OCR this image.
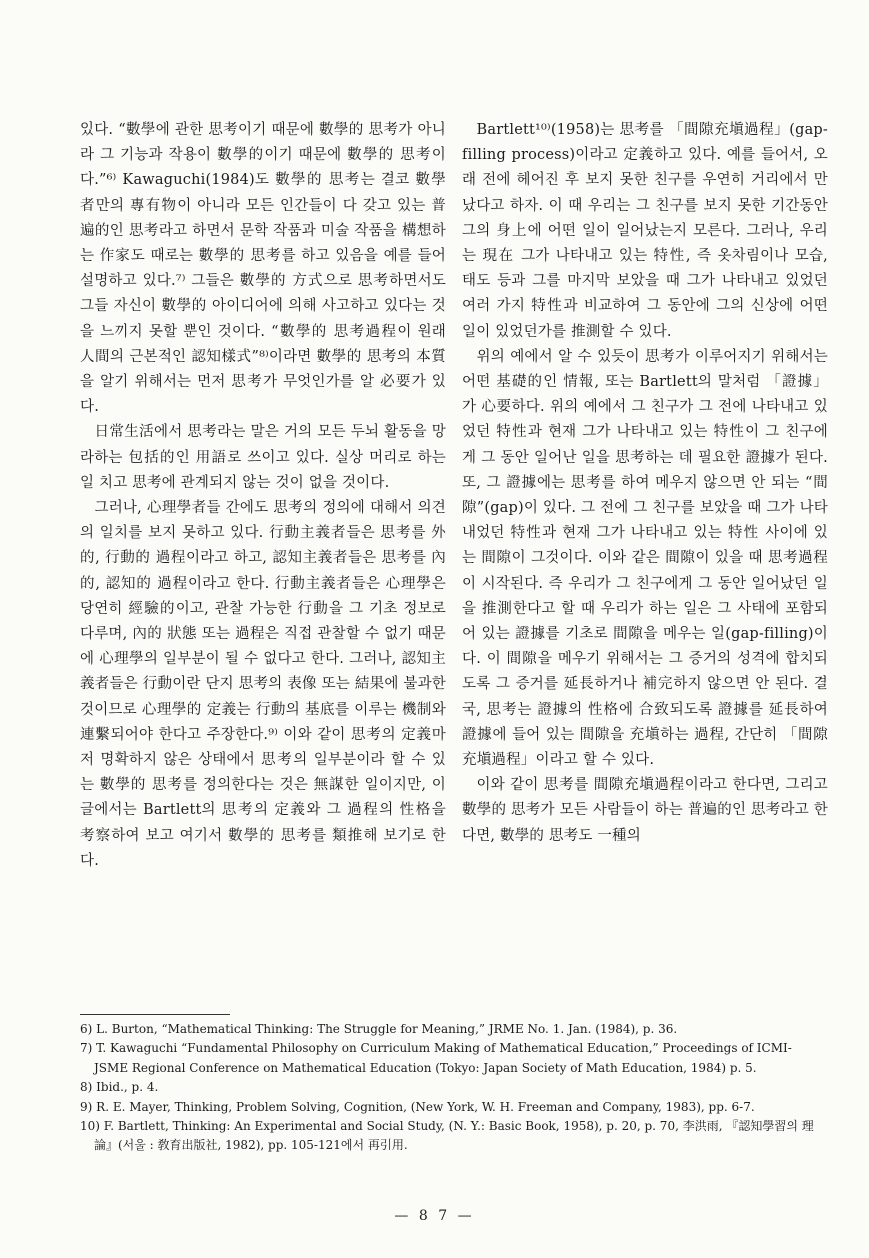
있다. “數學에 관한 思考이기 때문에 數學的 思考가 아니라 그 기능과 작용이 數學的이기 때문에 數學的 思考이다.”⁶⁾ Kawaguchi(1984)도 數學的 思考는 결코 數學者만의 專有物이 아니라 모든 인간들이 다 갖고 있는 普遍的인 思考라고 하면서 문학 작품과 미술 작품을 構想하는 作家도 때로는 數學的 思考를 하고 있음을 예를 들어 설명하고 있다.⁷⁾ 그들은 數學的 方式으로 思考하면서도 그들 자신이 數學的 아이디어에 의해 사고하고 있다는 것을 느끼지 못할 뿐인 것이다. “數學的 思考過程이 원래 人間의 근본적인 認知樣式”⁸⁾이라면 數學的 思考의 本質을 알기 위해서는 먼저 思考가 무엇인가를 알 必要가 있다.

日常生活에서 思考라는 말은 거의 모든 두뇌 활동을 망라하는 包括的인 用語로 쓰이고 있다. 실상 머리로 하는 일 치고 思考에 관계되지 않는 것이 없을 것이다.

그러나, 心理學者들 간에도 思考의 정의에 대해서 의견의 일치를 보지 못하고 있다. 行動主義者들은 思考를 外的, 行動的 過程이라고 하고, 認知主義者들은 思考를 內的, 認知的 過程이라고 한다. 行動主義者들은 心理學은 당연히 經驗的이고, 관찰 가능한 行動을 그 기초 정보로 다루며, 內的 狀態 또는 過程은 직접 관찰할 수 없기 때문에 心理學의 일부분이 될 수 없다고 한다. 그러나, 認知主義者들은 行動이란 단지 思考의 表像 또는 結果에 불과한 것이므로 心理學的 定義는 行動의 基底를 이루는 機制와 連繫되어야 한다고 주장한다.⁹⁾ 이와 같이 思考의 定義마저 명확하지 않은 상태에서 思考의 일부분이라 할 수 있는 數學的 思考를 정의한다는 것은 無謀한 일이지만, 이 글에서는 Bartlett의 思考의 定義와 그 過程의 性格을 考察하여 보고 여기서 數學的 思考를 類推해 보기로 한다.

Bartlett¹⁰⁾(1958)는 思考를 「間隙充塡過程」(gap-filling process)이라고 定義하고 있다. 예를 들어서, 오래 전에 헤어진 후 보지 못한 친구를 우연히 거리에서 만났다고 하자. 이 때 우리는 그 친구를 보지 못한 기간동안 그의 身上에 어떤 일이 일어났는지 모른다. 그러나, 우리는 現在 그가 나타내고 있는 特性, 즉 옷차림이나 모습, 태도 등과 그를 마지막 보았을 때 그가 나타내고 있었던 여러 가지 特性과 비교하여 그 동안에 그의 신상에 어떤 일이 있었던가를 推測할 수 있다.

위의 예에서 알 수 있듯이 思考가 이루어지기 위해서는 어떤 基礎的인 情報, 또는 Bartlett의 말처럼 「證據」가 心要하다. 위의 예에서 그 친구가 그 전에 나타내고 있었던 特性과 현재 그가 나타내고 있는 特性이 그 친구에게 그 동안 일어난 일을 思考하는 데 필요한 證據가 된다. 또, 그 證據에는 思考를 하여 메우지 않으면 안 되는 “間隙”(gap)이 있다. 그 전에 그 친구를 보았을 때 그가 나타내었던 特性과 현재 그가 나타내고 있는 特性 사이에 있는 間隙이 그것이다. 이와 같은 間隙이 있을 때 思考過程이 시작된다. 즉 우리가 그 친구에게 그 동안 일어났던 일을 推測한다고 할 때 우리가 하는 일은 그 사태에 포함되어 있는 證據를 기초로 間隙을 메우는 일(gap-filling)이다. 이 間隙을 메우기 위해서는 그 증거의 성격에 합치되도록 그 증거를 延長하거나 補完하지 않으면 안 된다. 결국, 思考는 證據의 性格에 合致되도록 證據를 延長하여 證據에 들어 있는 間隙을 充塡하는 過程, 간단히 「間隙充塡過程」이라고 할 수 있다.

이와 같이 思考를 間隙充塡過程이라고 한다면, 그리고 數學的 思考가 모든 사람들이 하는 普遍的인 思考라고 한다면, 數學的 思考도 一種의

6) L. Burton, “Mathematical Thinking: The Struggle for Meaning,” JRME No. 1. Jan. (1984), p. 36.

7) T. Kawaguchi “Fundamental Philosophy on Curriculum Making of Mathematical Education,” Proceedings of ICMI-JSME Regional Conference on Mathematical Education (Tokyo: Japan Society of Math Education, 1984) p. 5.

8) Ibid., p. 4.

9) R. E. Mayer, Thinking, Problem Solving, Cognition, (New York, W. H. Freeman and Company, 1983), pp. 6-7.

10) F. Bartlett, Thinking: An Experimental and Social Study, (N. Y.: Basic Book, 1958), p. 20, p. 70, 李洪雨, 『認知學習의 理論』(서울 : 敎育出版社, 1982), pp. 105-121에서 再引用.

— 8 7 —
